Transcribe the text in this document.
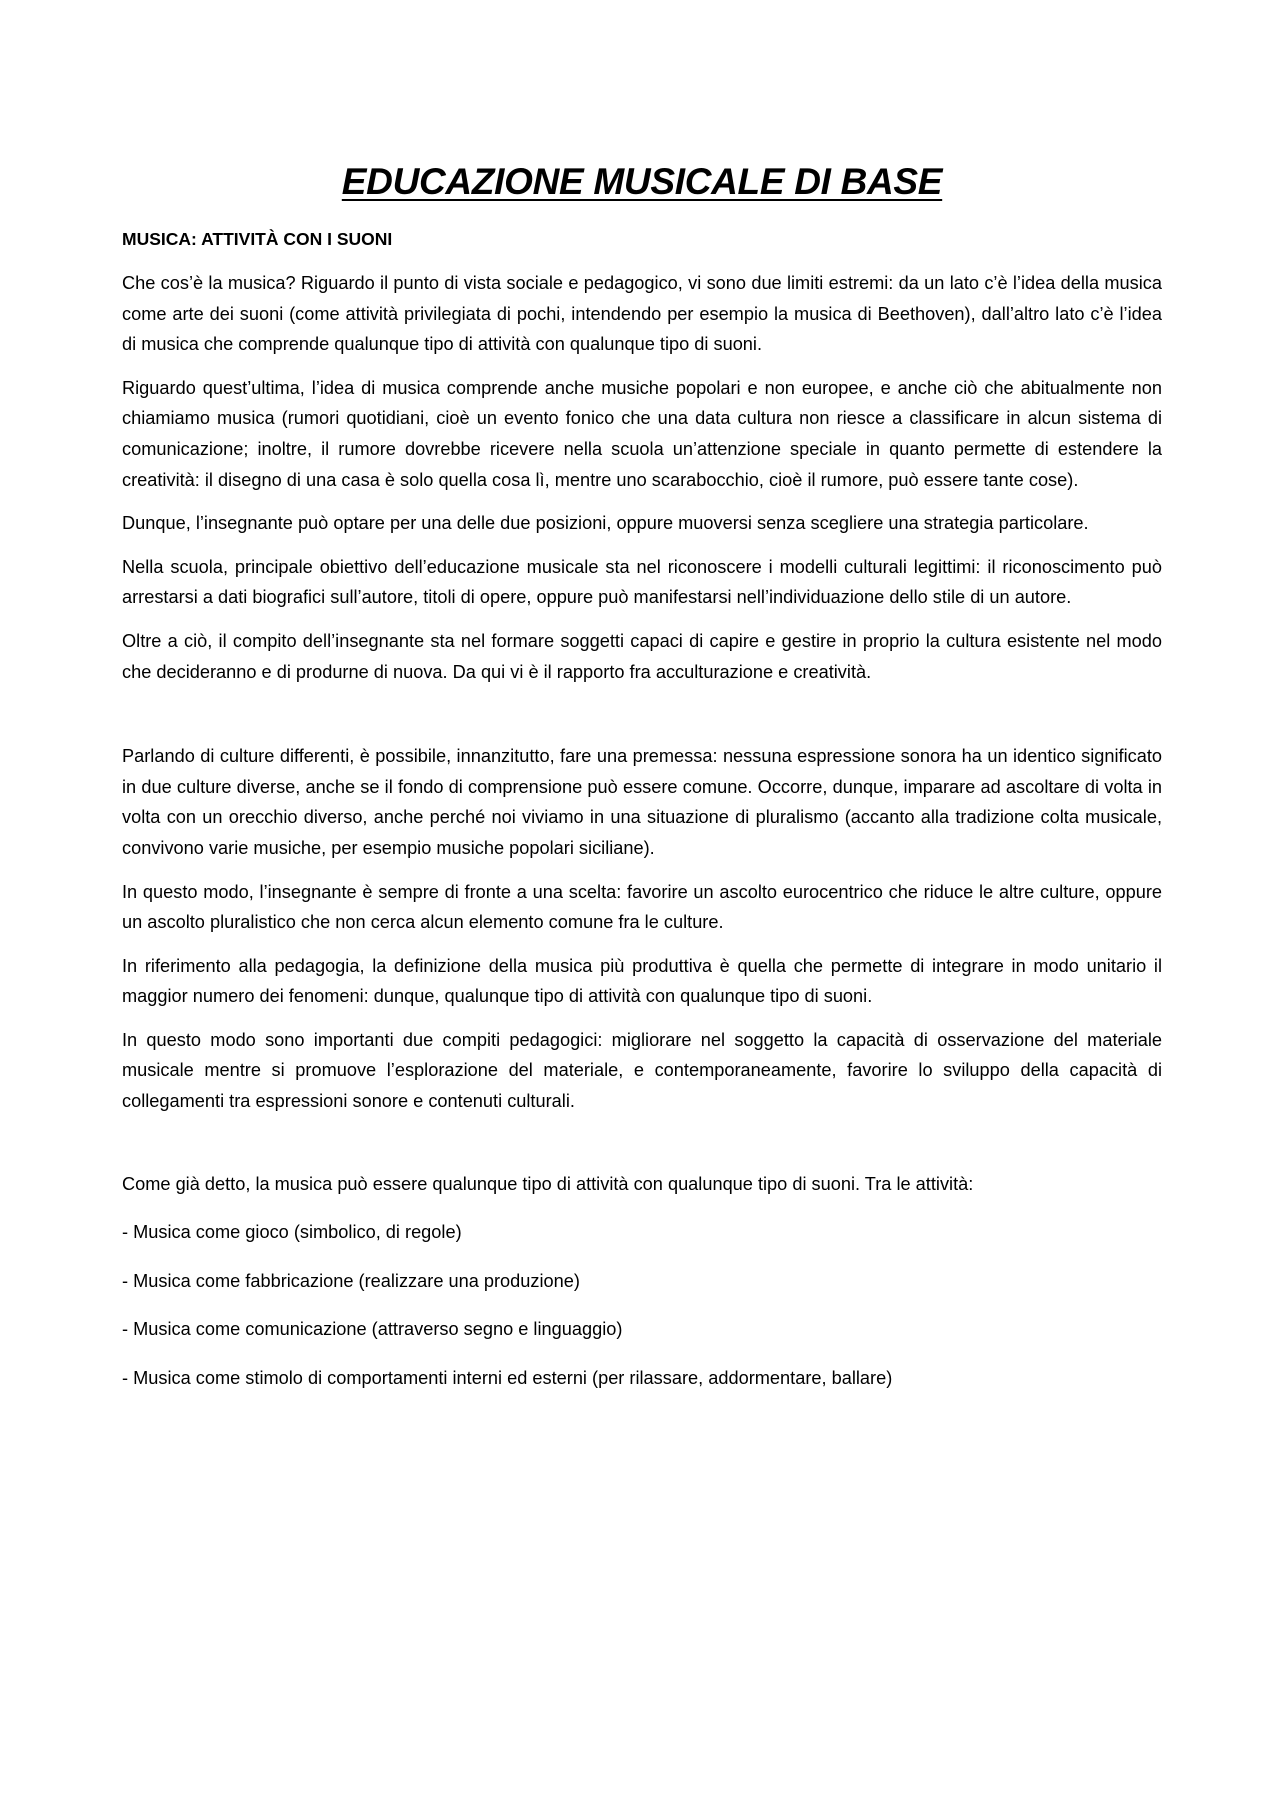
EDUCAZIONE MUSICALE DI BASE
MUSICA: ATTIVITÀ CON I SUONI

Che cos’è la musica? Riguardo il punto di vista sociale e pedagogico, vi sono due limiti estremi: da un lato c’è l’idea della musica come arte dei suoni (come attività privilegiata di pochi, intendendo per esempio la musica di Beethoven), dall’altro lato c’è l’idea di musica che comprende qualunque tipo di attività con qualunque tipo di suoni.

Riguardo quest’ultima, l’idea di musica comprende anche musiche popolari e non europee, e anche ciò che abitualmente non chiamiamo musica (rumori quotidiani, cioè un evento fonico che una data cultura non riesce a classificare in alcun sistema di comunicazione; inoltre, il rumore dovrebbe ricevere nella scuola un’attenzione speciale in quanto permette di estendere la creatività: il disegno di una casa è solo quella cosa lì, mentre uno scarabocchio, cioè il rumore, può essere tante cose).

Dunque, l’insegnante può optare per una delle due posizioni, oppure muoversi senza scegliere una strategia particolare.

Nella scuola, principale obiettivo dell’educazione musicale sta nel riconoscere i modelli culturali legittimi: il riconoscimento può arrestarsi a dati biografici sull’autore, titoli di opere, oppure può manifestarsi nell’individuazione dello stile di un autore.

Oltre a ciò, il compito dell’insegnante sta nel formare soggetti capaci di capire e gestire in proprio la cultura esistente nel modo che decideranno e di produrne di nuova. Da qui vi è il rapporto fra acculturazione e creatività.

Parlando di culture differenti, è possibile, innanzitutto, fare una premessa: nessuna espressione sonora ha un identico significato in due culture diverse, anche se il fondo di comprensione può essere comune. Occorre, dunque, imparare ad ascoltare di volta in volta con un orecchio diverso, anche perché noi viviamo in una situazione di pluralismo (accanto alla tradizione colta musicale, convivono varie musiche, per esempio musiche popolari siciliane).

In questo modo, l’insegnante è sempre di fronte a una scelta: favorire un ascolto eurocentrico che riduce le altre culture, oppure un ascolto pluralistico che non cerca alcun elemento comune fra le culture.

In riferimento alla pedagogia, la definizione della musica più produttiva è quella che permette di integrare in modo unitario il maggior numero dei fenomeni: dunque, qualunque tipo di attività con qualunque tipo di suoni.

In questo modo sono importanti due compiti pedagogici: migliorare nel soggetto la capacità di osservazione del materiale musicale mentre si promuove l’esplorazione del materiale, e contemporaneamente, favorire lo sviluppo della capacità di collegamenti tra espressioni sonore e contenuti culturali.

Come già detto, la musica può essere qualunque tipo di attività con qualunque tipo di suoni. Tra le attività:

- Musica come gioco (simbolico, di regole)
- Musica come fabbricazione (realizzare una produzione)
- Musica come comunicazione (attraverso segno e linguaggio)
- Musica come stimolo di comportamenti interni ed esterni (per rilassare, addormentare, ballare)
